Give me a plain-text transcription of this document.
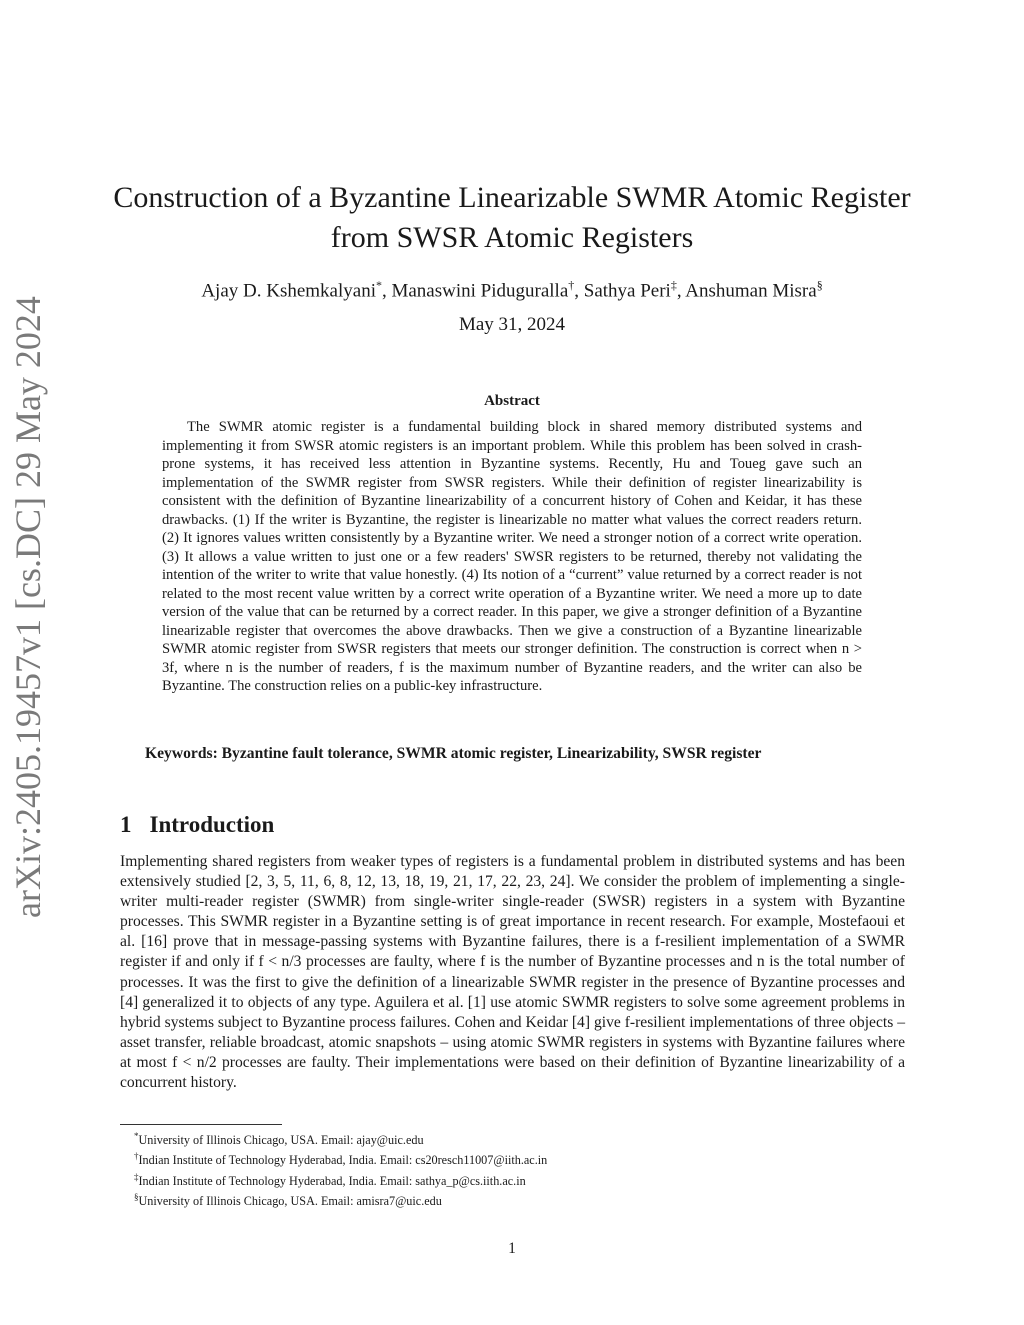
arXiv:2405.19457v1 [cs.DC] 29 May 2024
Construction of a Byzantine Linearizable SWMR Atomic Register
from SWSR Atomic Registers
Ajay D. Kshemkalyani*, Manaswini Piduguralla†, Sathya Peri‡, Anshuman Misra§
May 31, 2024
Abstract

The SWMR atomic register is a fundamental building block in shared memory distributed systems and implementing it from SWSR atomic registers is an important problem. While this problem has been solved in crash-prone systems, it has received less attention in Byzantine systems. Recently, Hu and Toueg gave such an implementation of the SWMR register from SWSR registers. While their definition of register linearizability is consistent with the definition of Byzantine linearizability of a concurrent history of Cohen and Keidar, it has these drawbacks. (1) If the writer is Byzantine, the register is linearizable no matter what values the correct readers return. (2) It ignores values written consistently by a Byzantine writer. We need a stronger notion of a correct write operation. (3) It allows a value written to just one or a few readers' SWSR registers to be returned, thereby not validating the intention of the writer to write that value honestly. (4) Its notion of a “current” value returned by a correct reader is not related to the most recent value written by a correct write operation of a Byzantine writer. We need a more up to date version of the value that can be returned by a correct reader. In this paper, we give a stronger definition of a Byzantine linearizable register that overcomes the above drawbacks. Then we give a construction of a Byzantine linearizable SWMR atomic register from SWSR registers that meets our stronger definition. The construction is correct when n > 3f, where n is the number of readers, f is the maximum number of Byzantine readers, and the writer can also be Byzantine. The construction relies on a public-key infrastructure.

Keywords: Byzantine fault tolerance, SWMR atomic register, Linearizability, SWSR register

1 Introduction

Implementing shared registers from weaker types of registers is a fundamental problem in distributed systems and has been extensively studied [2, 3, 5, 11, 6, 8, 12, 13, 18, 19, 21, 17, 22, 23, 24]. We consider the problem of implementing a single-writer multi-reader register (SWMR) from single-writer single-reader (SWSR) registers in a system with Byzantine processes. This SWMR register in a Byzantine setting is of great importance in recent research. For example, Mostefaoui et al. [16] prove that in message-passing systems with Byzantine failures, there is a f-resilient implementation of a SWMR register if and only if f < n/3 processes are faulty, where f is the number of Byzantine processes and n is the total number of processes. It was the first to give the definition of a linearizable SWMR register in the presence of Byzantine processes and [4] generalized it to objects of any type. Aguilera et al. [1] use atomic SWMR registers to solve some agreement problems in hybrid systems subject to Byzantine process failures. Cohen and Keidar [4] give f-resilient implementations of three objects – asset transfer, reliable broadcast, atomic snapshots – using atomic SWMR registers in systems with Byzantine failures where at most f < n/2 processes are faulty. Their implementations were based on their definition of Byzantine linearizability of a concurrent history.

*University of Illinois Chicago, USA. Email: ajay@uic.edu

†Indian Institute of Technology Hyderabad, India. Email: cs20resch11007@iith.ac.in

‡Indian Institute of Technology Hyderabad, India. Email: sathya_p@cs.iith.ac.in

§University of Illinois Chicago, USA. Email: amisra7@uic.edu

1
